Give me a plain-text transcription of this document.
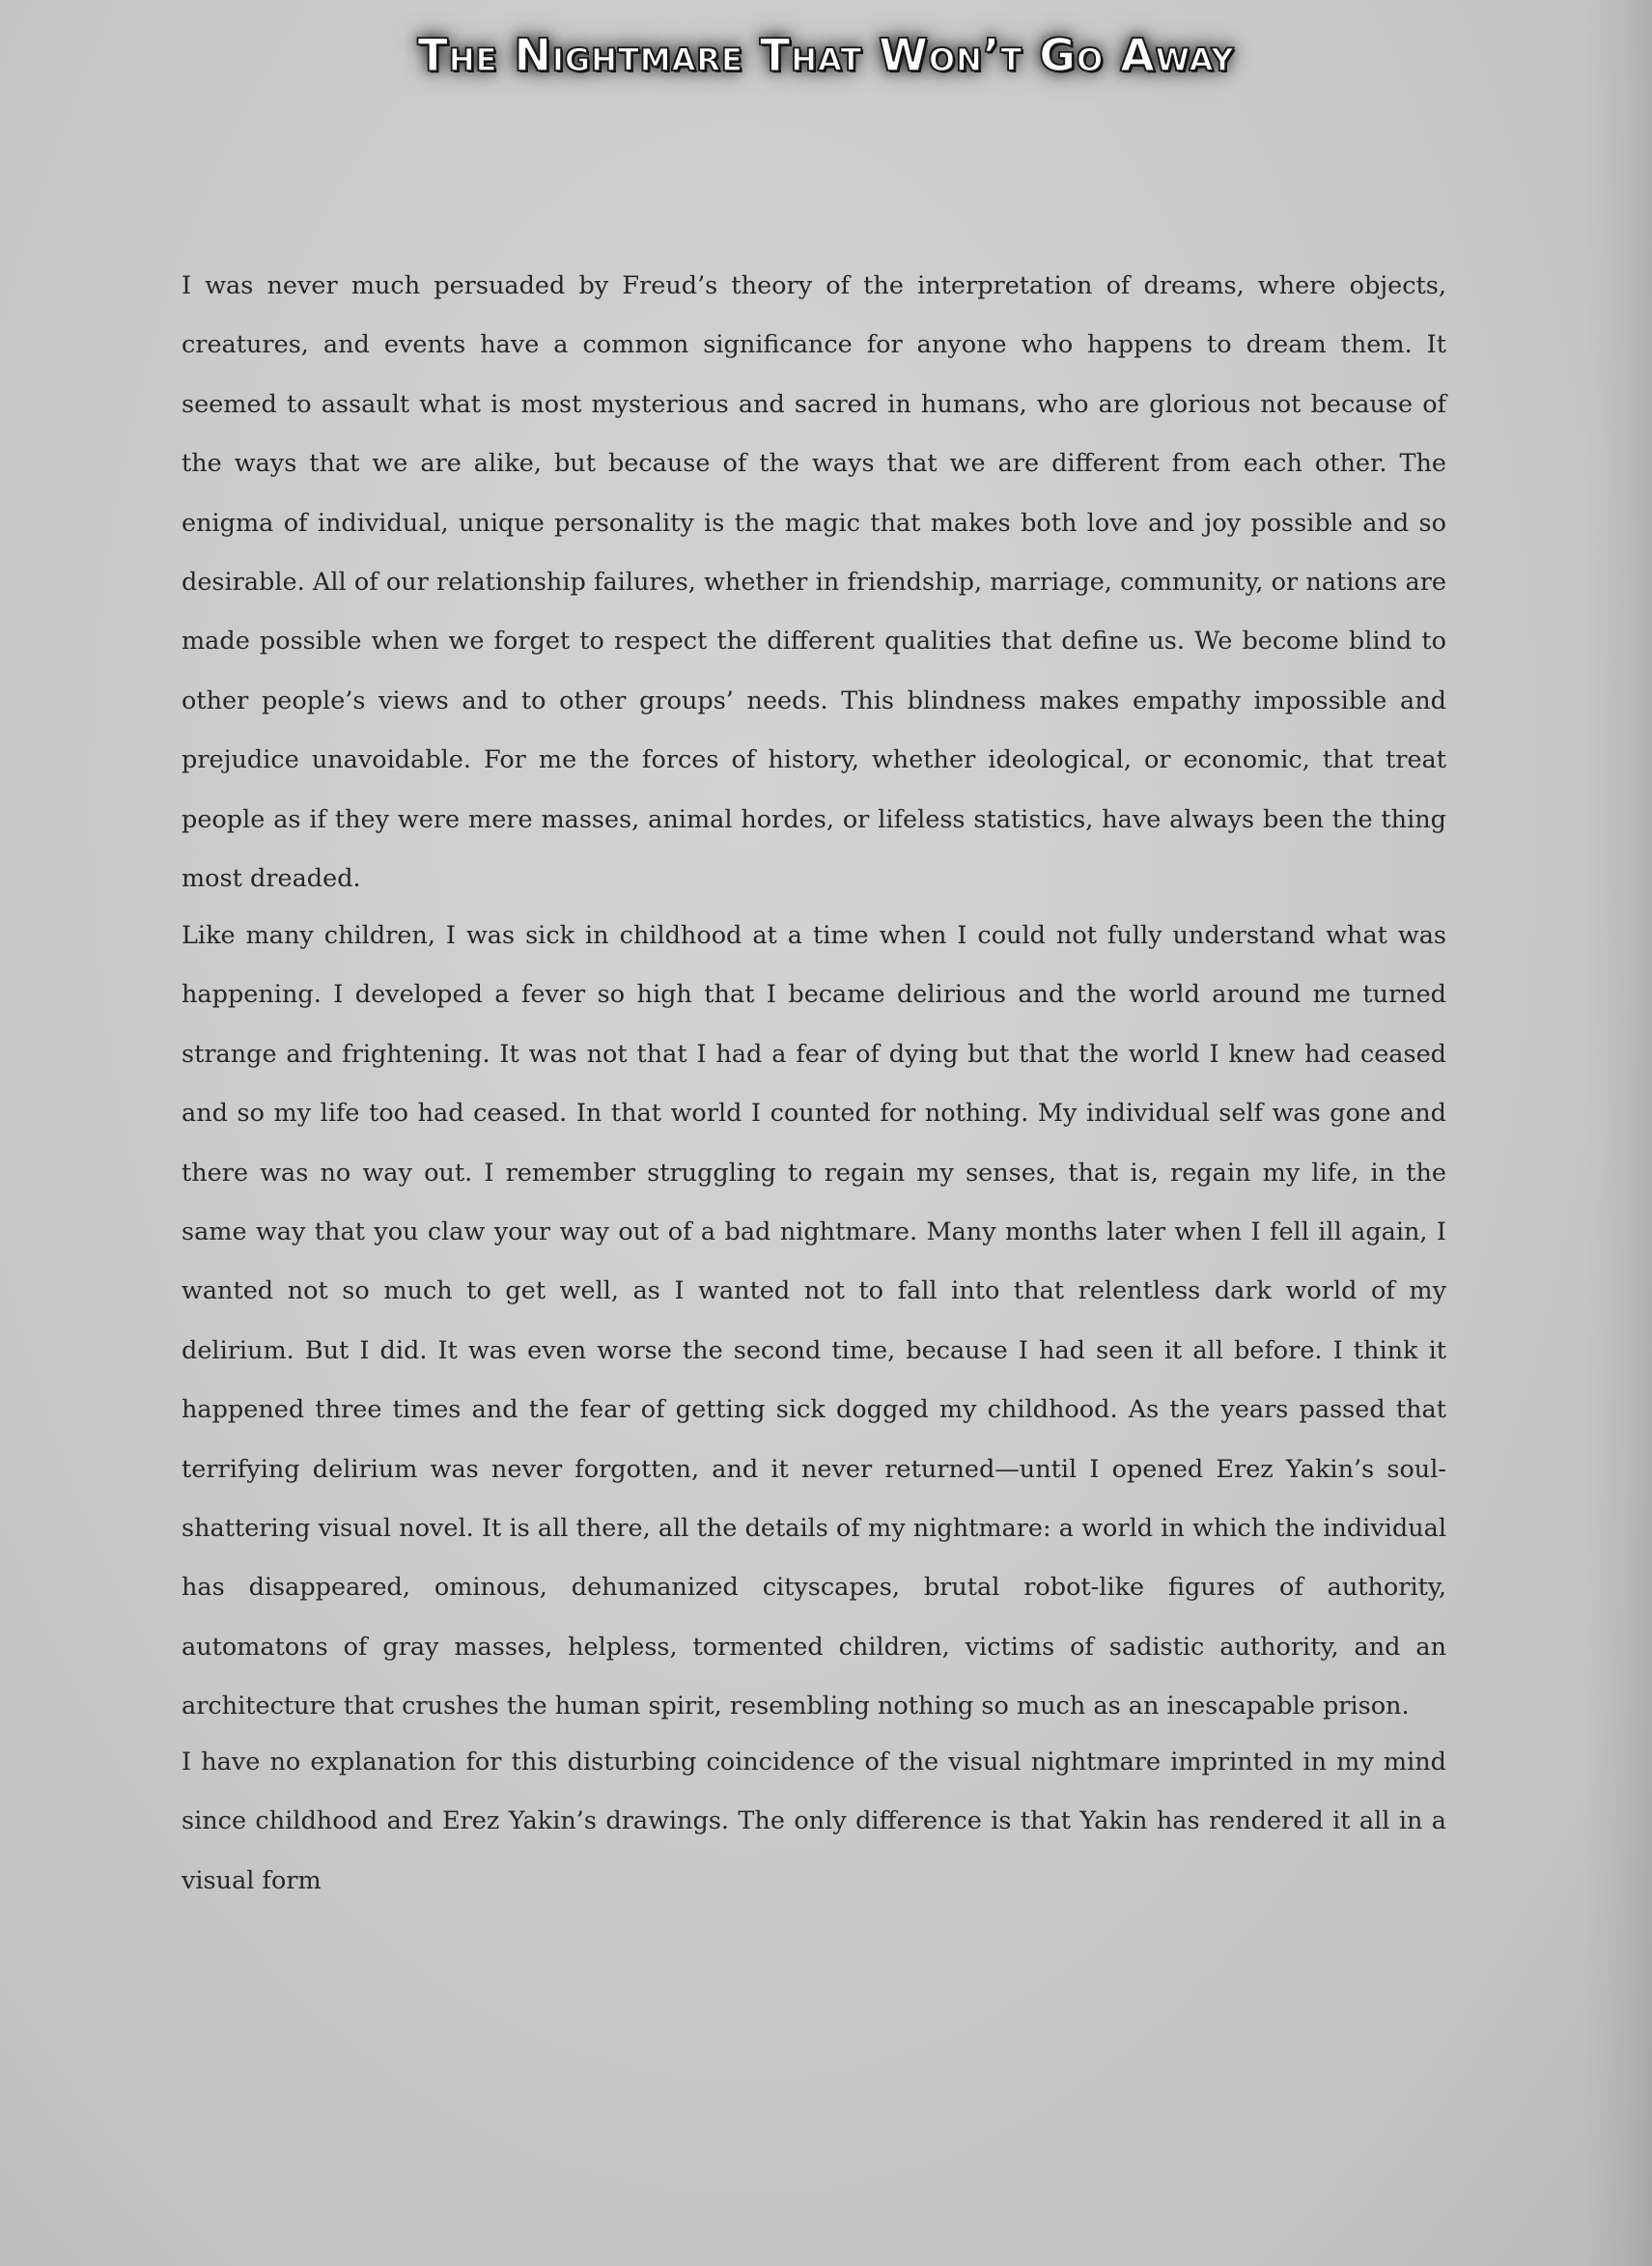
The Nightmare That Won’t Go Away

I was never much persuaded by Freud’s theory of the interpretation of dreams, where objects, creatures, and events have a common significance for anyone who happens to dream them. It seemed to assault what is most mysterious and sacred in humans, who are glorious not because of the ways that we are alike, but because of the ways that we are different from each other. The enigma of individual, unique personality is the magic that makes both love and joy possible and so desirable. All of our relationship failures, whether in friendship, marriage, community, or nations are made possible when we forget to respect the different qualities that define us. We become blind to other people’s views and to other groups’ needs. This blindness makes empathy impossible and prejudice unavoidable. For me the forces of history, whether ideological, or economic, that treat people as if they were mere masses, animal hordes, or lifeless statistics, have always been the thing most dreaded.

Like many children, I was sick in childhood at a time when I could not fully understand what was happening. I developed a fever so high that I became delirious and the world around me turned strange and frightening. It was not that I had a fear of dying but that the world I knew had ceased and so my life too had ceased. In that world I counted for nothing. My individual self was gone and there was no way out. I remember struggling to regain my senses, that is, regain my life, in the same way that you claw your way out of a bad nightmare. Many months later when I fell ill again, I wanted not so much to get well, as I wanted not to fall into that relentless dark world of my delirium. But I did. It was even worse the second time, because I had seen it all before. I think it happened three times and the fear of getting sick dogged my childhood. As the years passed that terrifying delirium was never forgotten, and it never returned—until I opened Erez Yakin’s soul-shattering visual novel. It is all there, all the details of my nightmare: a world in which the individual has disappeared, ominous, dehumanized cityscapes, brutal robot-like figures of authority, automatons of gray masses, helpless, tormented children, victims of sadistic authority, and an architecture that crushes the human spirit, resembling nothing so much as an inescapable prison.

I have no explanation for this disturbing coincidence of the visual nightmare imprinted in my mind since childhood and Erez Yakin’s drawings. The only difference is that Yakin has rendered it all in a visual form
